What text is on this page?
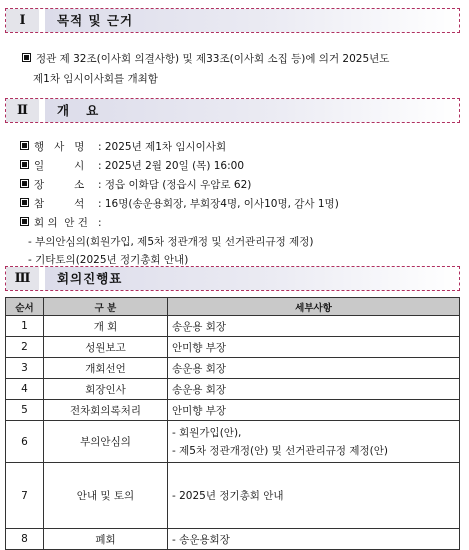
Ⅰ	목적 및 근거
정관 제 32조(이사회 의결사항) 및 제33조(이사회 소집 등)에 의거 2025년도
제1차 임시이사회를 개최함
Ⅱ	개   요
행   사   명 : 2025년 제1차 임시이사회
일         시 : 2025년 2월 20일 (목) 16:00
장         소 : 정읍 이화담 (정읍시 우암로 62)
참         석 : 16명(송운용회장, 부회장4명, 이사10명, 감사 1명)
회 의  안 건 :
- 부의안심의(회원가입, 제5차 정관개정 및 선거관리규정 제정)
- 기타토의(2025년 정기총회 안내)
Ⅲ	회의진행표
순서	구 분	세부사항
1	개 회	송운용 회장
2	성원보고	안미향 부장
3	개회선언	송운용 회장
4	회장인사	송운용 회장
5	전차회의록처리	안미향 부장
6	부의안심의	- 회원가입(안),
- 제5차 정관개정(안) 및 선거관리규정 제정(안)

7	안내 및 토의	- 2025년 정기총회 안내
8	폐회	- 송운용회장
